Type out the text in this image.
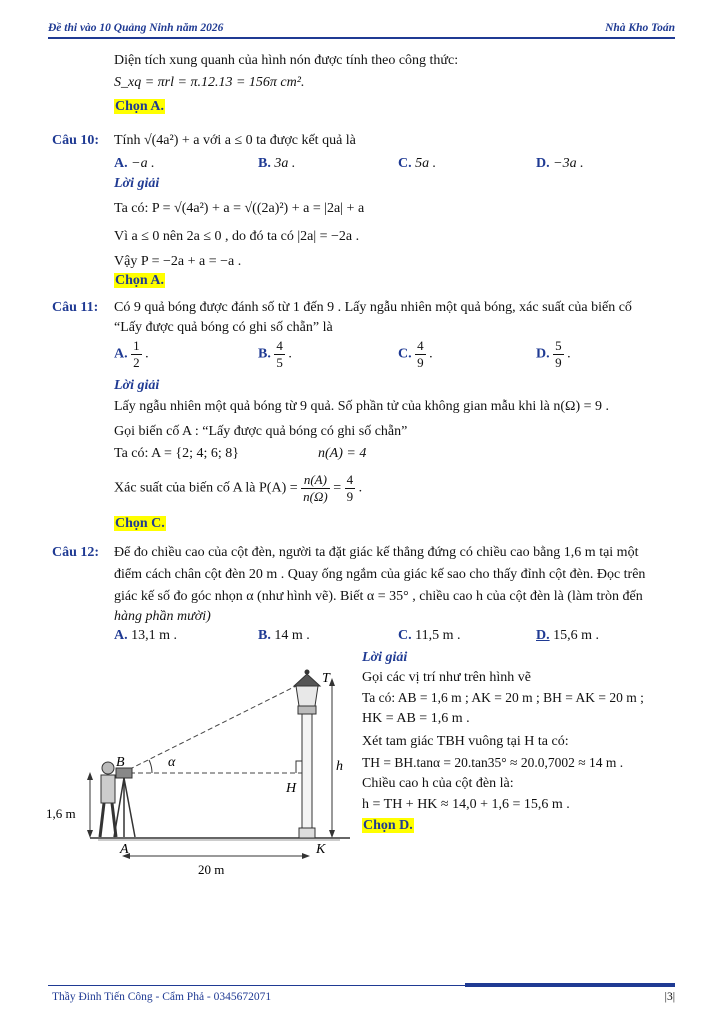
Đề thi vào 10 Quảng Ninh năm 2026	Nhà Kho Toán
Diện tích xung quanh của hình nón được tính theo công thức:
S_xq = πrl = π.12.13 = 156π cm².
Chọn A.
Câu 10: Tính √(4a²) + a với a ≤ 0 ta được kết quả là
A. −a .	B. 3a .	C. 5a .	D. −3a .
Lời giải
Ta có: P = √(4a²) + a = √((2a)²) + a = |2a| + a
Vì a ≤ 0 nên 2a ≤ 0 , do đó ta có |2a| = −2a .
Vậy P = −2a + a = −a .
Chọn A.
Câu 11: Có 9 quả bóng được đánh số từ 1 đến 9 . Lấy ngẫu nhiên một quả bóng, xác suất của biến cố
“Lấy được quả bóng có ghi số chẵn” là
A. $\frac{1}{2}$ .	B. $\frac{4}{5}$ .	C. $\frac{4}{9}$ .	D. $\frac{5}{9}$ .
Lời giải
Lấy ngẫu nhiên một quả bóng từ 9 quả. Số phần tử của không gian mẫu khi là n(Ω) = 9 .
Gọi biến cố A : “Lấy được quả bóng có ghi số chẵn”
Ta có: A = {2; 4; 6; 8}	n(A) = 4
Xác suất của biến cố A là $P(A) = \frac{n(A)}{n(\Omega)} = \frac{4}{9}$ .
Chọn C.
Câu 12: Để đo chiều cao của cột đèn, người ta đặt giác kế thẳng đứng có chiều cao bằng 1,6 m tại một
điểm cách chân cột đèn 20 m . Quay ống ngắm của giác kế sao cho thấy đỉnh cột đèn. Đọc trên
giác kế số đo góc nhọn α (như hình vẽ). Biết α = 35° , chiều cao h của cột đèn là (làm tròn đến
hàng phần mười)
A. 13,1 m .	B. 14 m .	C. 11,5 m .	D. 15,6 m .
Lời giải
Gọi các vị trí như trên hình vẽ
Ta có: AB = 1,6 m ; AK = 20 m ; BH = AK = 20 m ;
HK = AB = 1,6 m .
Xét tam giác TBH vuông tại H ta có:
TH = BH.tanα = 20.tan35° ≈ 20.0,7002 ≈ 14 m .
Chiều cao h của cột đèn là:
h = TH + HK ≈ 14,0 + 1,6 = 15,6 m .
Chọn D.
T
B
H
A	K
α	h
1,6 m
20 m
Thầy Đinh Tiến Công - Cẩm Phả - 0345672071	|3|
